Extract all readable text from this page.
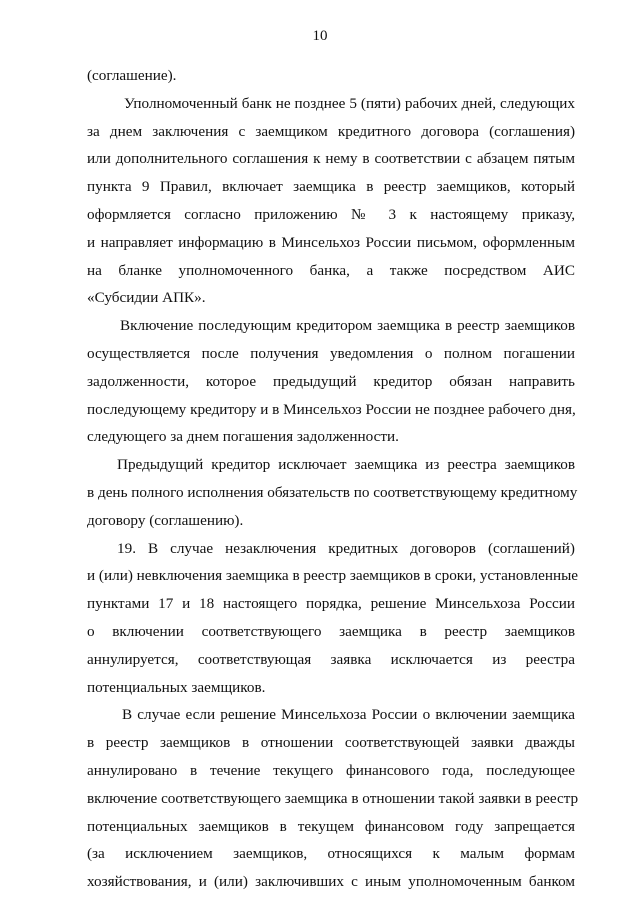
10
(соглашение).
Уполномоченный банк не позднее 5 (пяти) рабочих дней, следующих
за днем заключения с заемщиком кредитного договора (соглашения)
или дополнительного соглашения к нему в соответствии с абзацем пятым
пункта 9 Правил, включает заемщика в реестр заемщиков, который
оформляется согласно приложению № 3 к настоящему приказу,
и направляет информацию в Минсельхоз России письмом, оформленным
на бланке уполномоченного банка, а также посредством АИС
«Субсидии АПК».
Включение последующим кредитором заемщика в реестр заемщиков
осуществляется после получения уведомления о полном погашении
задолженности, которое предыдущий кредитор обязан направить
последующему кредитору и в Минсельхоз России не позднее рабочего дня,
следующего за днем погашения задолженности.
Предыдущий кредитор исключает заемщика из реестра заемщиков
в день полного исполнения обязательств по соответствующему кредитному
договору (соглашению).
19. В случае незаключения кредитных договоров (соглашений)
и (или) невключения заемщика в реестр заемщиков в сроки, установленные
пунктами 17 и 18 настоящего порядка, решение Минсельхоза России
о включении соответствующего заемщика в реестр заемщиков
аннулируется, соответствующая заявка исключается из реестра
потенциальных заемщиков.
В случае если решение Минсельхоза России о включении заемщика
в реестр заемщиков в отношении соответствующей заявки дважды
аннулировано в течение текущего финансового года, последующее
включение соответствующего заемщика в отношении такой заявки в реестр
потенциальных заемщиков в текущем финансовом году запрещается
(за исключением заемщиков, относящихся к малым формам
хозяйствования, и (или) заключивших с иным уполномоченным банком
